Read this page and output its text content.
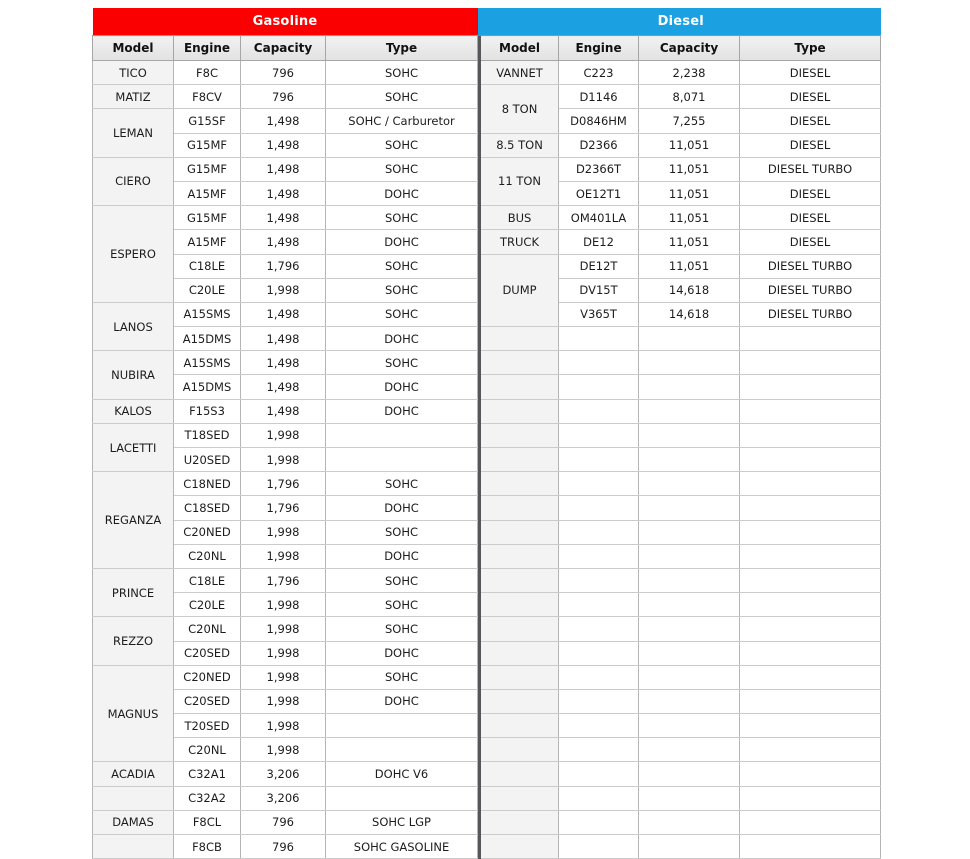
Gasoline			
Model	Engine	Capacity	Type
TICO	F8C	796	SOHC
MATIZ	F8CV	796	SOHC
LEMAN	G15SF	1,498	SOHC / Carburetor
	G15MF	1,498	SOHC
CIERO	G15MF	1,498	SOHC
	A15MF	1,498	DOHC
ESPERO	G15MF	1,498	SOHC
	A15MF	1,498	DOHC
	C18LE	1,796	SOHC
	C20LE	1,998	SOHC
LANOS	A15SMS	1,498	SOHC
	A15DMS	1,498	DOHC
NUBIRA	A15SMS	1,498	SOHC
	A15DMS	1,498	DOHC
KALOS	F15S3	1,498	DOHC
LACETTI	T18SED	1,998	
	U20SED	1,998	
REGANZA	C18NED	1,796	SOHC
	C18SED	1,796	DOHC
	C20NED	1,998	SOHC
	C20NL	1,998	DOHC
PRINCE	C18LE	1,796	SOHC
	C20LE	1,998	SOHC
REZZO	C20NL	1,998	SOHC
	C20SED	1,998	DOHC
MAGNUS	C20NED	1,998	SOHC
	C20SED	1,998	DOHC
	T20SED	1,998	
	C20NL	1,998	
ACADIA	C32A1	3,206	DOHC V6
	C32A2	3,206	
DAMAS	F8CL	796	SOHC LGP
	F8CB	796	SOHC GASOLINE
Diesel			
Model	Engine	Capacity	Type
VANNET	C223	2,238	DIESEL
8 TON	D1146	8,071	DIESEL
	D0846HM	7,255	DIESEL
8.5 TON	D2366	11,051	DIESEL
11 TON	D2366T	11,051	DIESEL TURBO
	OE12T1	11,051	DIESEL
BUS	OM401LA	11,051	DIESEL
TRUCK	DE12	11,051	DIESEL
DUMP	DE12T	11,051	DIESEL TURBO
	DV15T	14,618	DIESEL TURBO
	V365T	14,618	DIESEL TURBO
